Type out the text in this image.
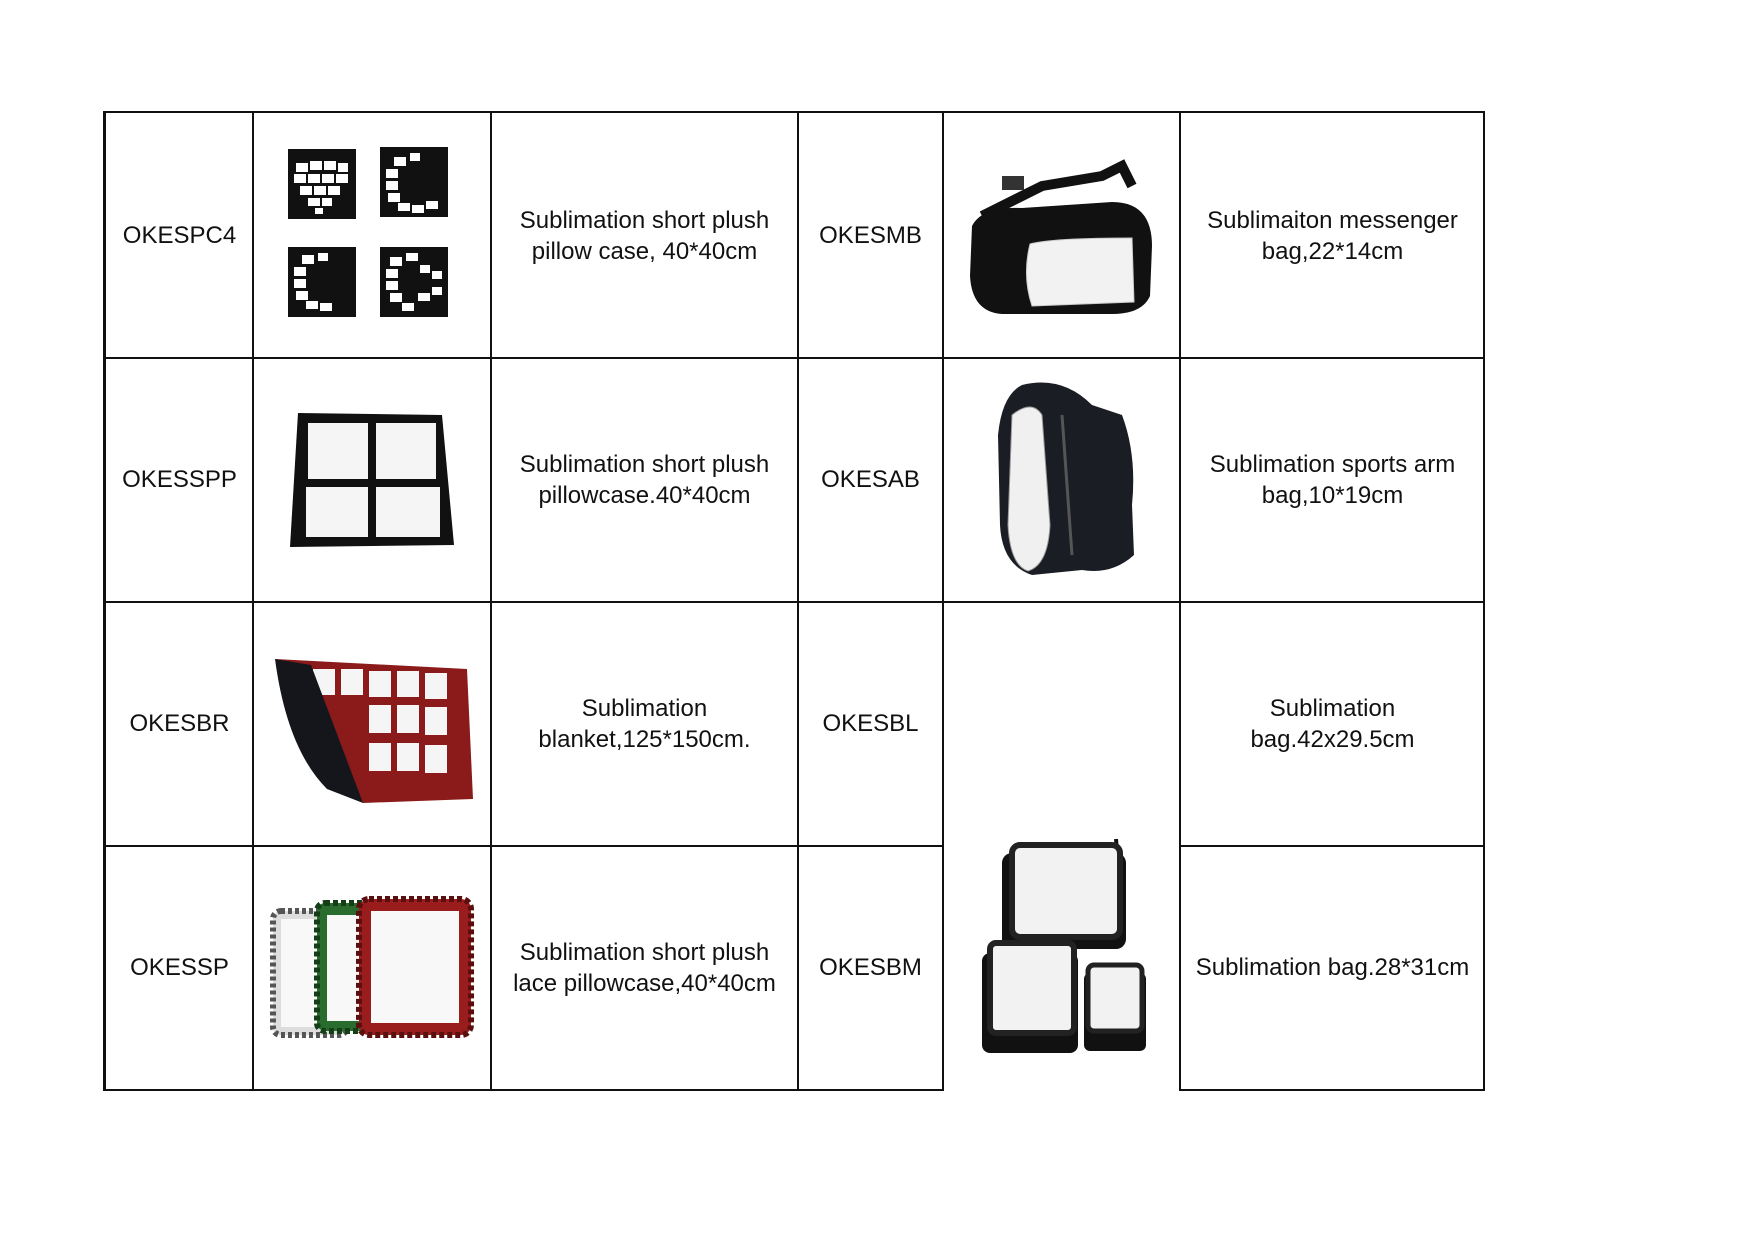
OKESPC4
Sublimation short plush
pillow case, 40*40cm
OKESMB
Sublimaiton messenger
bag,22*14cm
OKESSPP
Sublimation short plush
pillowcase.40*40cm
OKESAB
Sublimation sports arm
bag,10*19cm
OKESBR
Sublimation
blanket,125*150cm.
OKESBL
Sublimation
bag.42x29.5cm
OKESSP
Sublimation short plush
lace pillowcase,40*40cm
OKESBM	Sublimation bag.28*31cm
